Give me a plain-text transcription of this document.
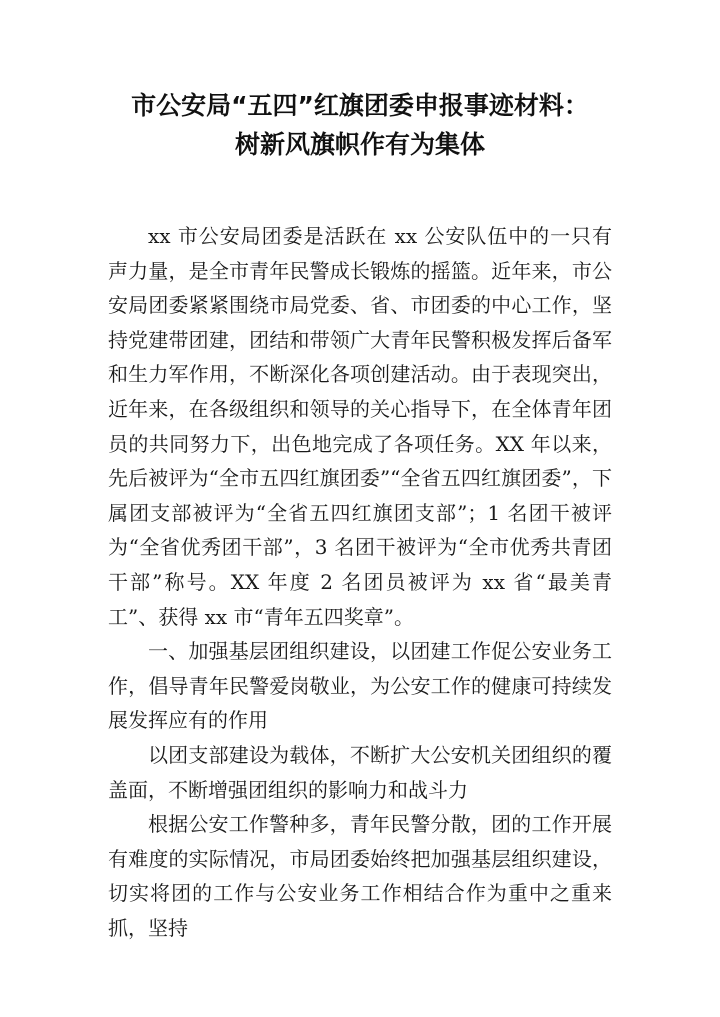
市公安局“五四”红旗团委申报事迹材料：
树新风旗帜作有为集体

xx 市公安局团委是活跃在 xx 公安队伍中的一只有声力量，是全市青年民警成长锻炼的摇篮。近年来，市公安局团委紧紧围绕市局党委、省、市团委的中心工作，坚持党建带团建，团结和带领广大青年民警积极发挥后备军和生力军作用，不断深化各项创建活动。由于表现突出，近年来，在各级组织和领导的关心指导下，在全体青年团员的共同努力下，出色地完成了各项任务。XX 年以来，先后被评为“全市五四红旗团委”“全省五四红旗团委”，下属团支部被评为“全省五四红旗团支部”；1 名团干被评为“全省优秀团干部”，3 名团干被评为“全市优秀共青团干部”称号。XX 年度 2 名团员被评为 xx 省“最美青工”、获得 xx 市“青年五四奖章”。

一、加强基层团组织建设，以团建工作促公安业务工作，倡导青年民警爱岗敬业，为公安工作的健康可持续发展发挥应有的作用

以团支部建设为载体，不断扩大公安机关团组织的覆盖面，不断增强团组织的影响力和战斗力

根据公安工作警种多，青年民警分散，团的工作开展有难度的实际情况，市局团委始终把加强基层组织建设，切实将团的工作与公安业务工作相结合作为重中之重来抓，坚持
